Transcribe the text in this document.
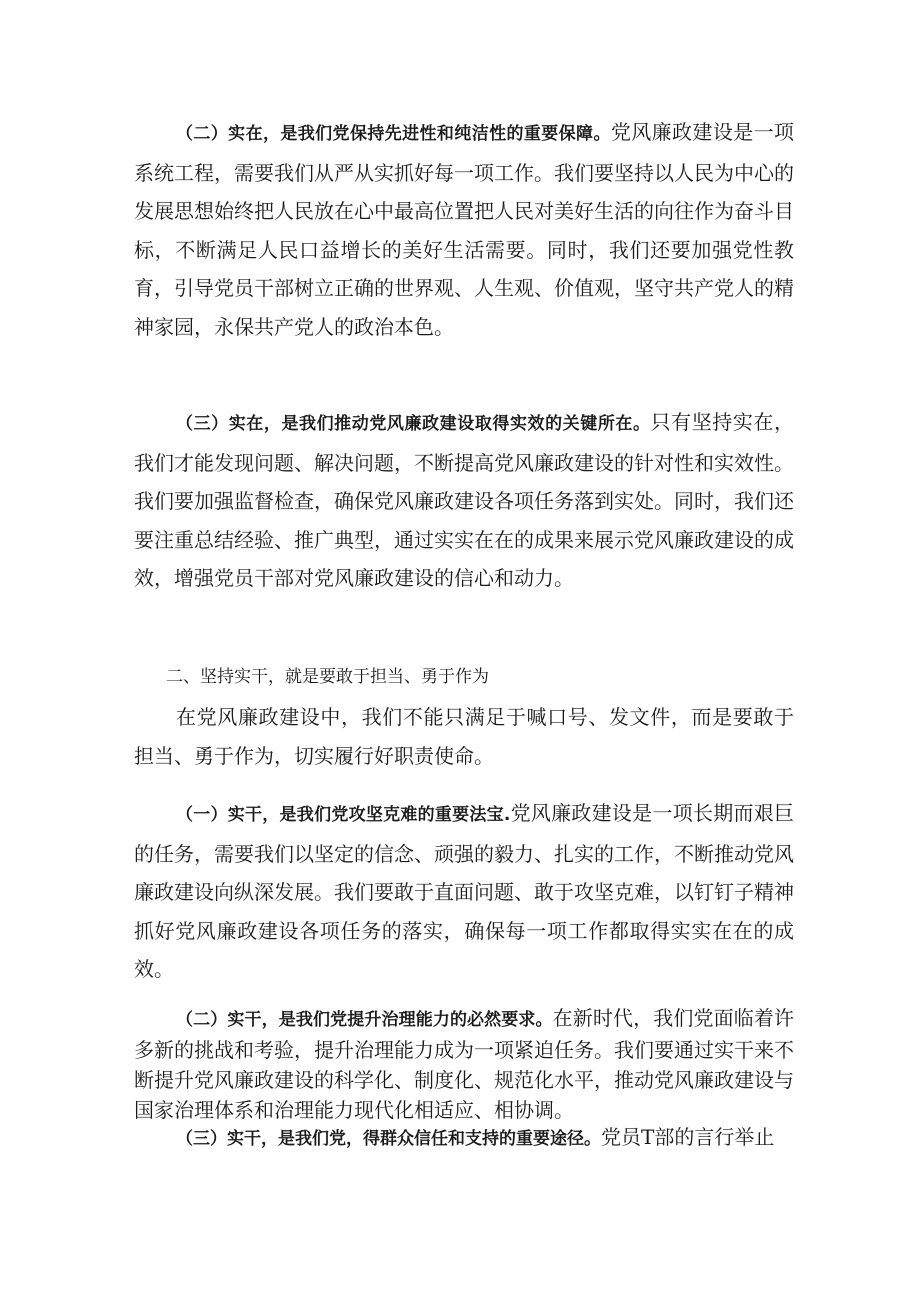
（二）实在，是我们党保持先进性和纯洁性的重要保障。党风廉政建设是一项系统工程，需要我们从严从实抓好每一项工作。我们要坚持以人民为中心的发展思想始终把人民放在心中最高位置把人民对美好生活的向往作为奋斗目标，不断满足人民口益增长的美好生活需要。同时，我们还要加强党性教育，引导党员干部树立正确的世界观、人生观、价值观，坚守共产党人的精神家园，永保共产党人的政治本色。

（三）实在，是我们推动党风廉政建设取得实效的关键所在。只有坚持实在，我们才能发现问题、解决问题，不断提高党风廉政建设的针对性和实效性。我们要加强监督检查，确保党风廉政建设各项任务落到实处。同时，我们还要注重总结经验、推广典型，通过实实在在的成果来展示党风廉政建设的成效，增强党员干部对党风廉政建设的信心和动力。

二、坚持实干，就是要敢于担当、勇于作为

在党风廉政建设中，我们不能只满足于喊口号、发文件，而是要敢于担当、勇于作为，切实履行好职责使命。

（一）实干，是我们党攻坚克难的重要法宝.党风廉政建设是一项长期而艰巨的任务，需要我们以坚定的信念、顽强的毅力、扎实的工作，不断推动党风廉政建设向纵深发展。我们要敢于直面问题、敢于攻坚克难，以钉钉子精神抓好党风廉政建设各项任务的落实，确保每一项工作都取得实实在在的成效。

（二）实干，是我们党提升治理能力的必然要求。在新时代，我们党面临着许多新的挑战和考验，提升治理能力成为一项紧迫任务。我们要通过实干来不断提升党风廉政建设的科学化、制度化、规范化水平，推动党风廉政建设与国家治理体系和治理能力现代化相适应、相协调。

（三）实干，是我们党，得群众信任和支持的重要途径。党员T部的言行举止
